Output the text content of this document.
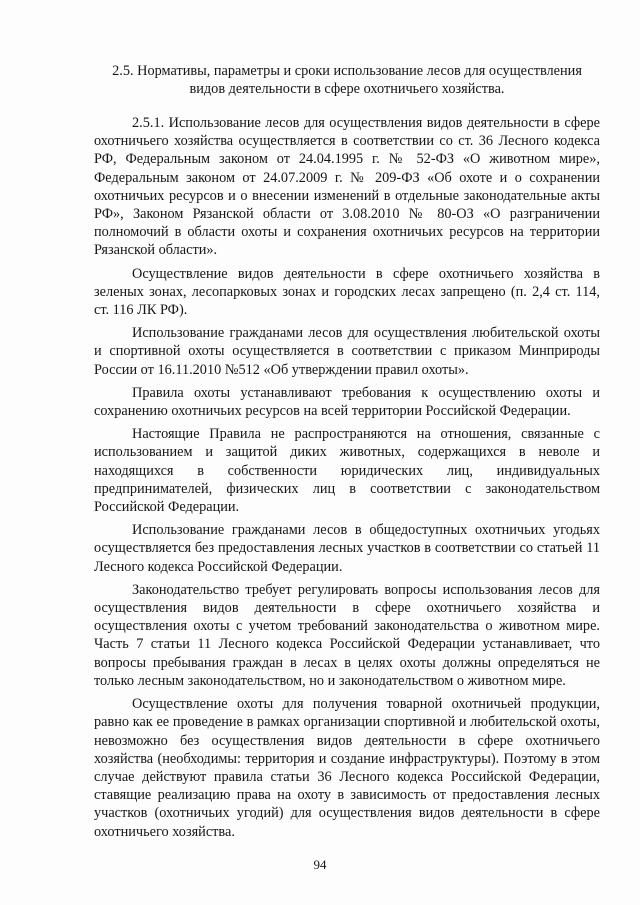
2.5. Нормативы, параметры и сроки использование лесов для осуществления видов деятельности в сфере охотничьего хозяйства.

2.5.1. Использование лесов для осуществления видов деятельности в сфере охотничьего хозяйства осуществляется в соответствии со ст. 36 Лесного кодекса РФ, Федеральным законом от 24.04.1995 г. № 52-ФЗ «О животном мире», Федеральным законом от 24.07.2009 г. № 209-ФЗ «Об охоте и о сохранении охотничьих ресурсов и о внесении изменений в отдельные законодательные акты РФ», Законом Рязанской области от 3.08.2010 № 80-ОЗ «О разграничении полномочий в области охоты и сохранения охотничьих ресурсов на территории Рязанской области».

Осуществление видов деятельности в сфере охотничьего хозяйства в зеленых зонах, лесопарковых зонах и городских лесах запрещено (п. 2,4 ст. 114, ст. 116 ЛК РФ).

Использование гражданами лесов для осуществления любительской охоты и спортивной охоты осуществляется в соответствии с приказом Минприроды России от 16.11.2010 №512 «Об утверждении правил охоты».

Правила охоты устанавливают требования к осуществлению охоты и сохранению охотничьих ресурсов на всей территории Российской Федерации.

Настоящие Правила не распространяются на отношения, связанные с использованием и защитой диких животных, содержащихся в неволе и находящихся в собственности юридических лиц, индивидуальных предпринимателей, физических лиц в соответствии с законодательством Российской Федерации.

Использование гражданами лесов в общедоступных охотничьих угодьях осуществляется без предоставления лесных участков в соответствии со статьей 11 Лесного кодекса Российской Федерации.

Законодательство требует регулировать вопросы использования лесов для осуществления видов деятельности в сфере охотничьего хозяйства и осуществления охоты с учетом требований законодательства о животном мире. Часть 7 статьи 11 Лесного кодекса Российской Федерации устанавливает, что вопросы пребывания граждан в лесах в целях охоты должны определяться не только лесным законодательством, но и законодательством о животном мире.

Осуществление охоты для получения товарной охотничьей продукции, равно как ее проведение в рамках организации спортивной и любительской охоты, невозможно без осуществления видов деятельности в сфере охотничьего хозяйства (необходимы: территория и создание инфраструктуры). Поэтому в этом случае действуют правила статьи 36 Лесного кодекса Российской Федерации, ставящие реализацию права на охоту в зависимость от предоставления лесных участков (охотничьих угодий) для осуществления видов деятельности в сфере охотничьего хозяйства.

94
